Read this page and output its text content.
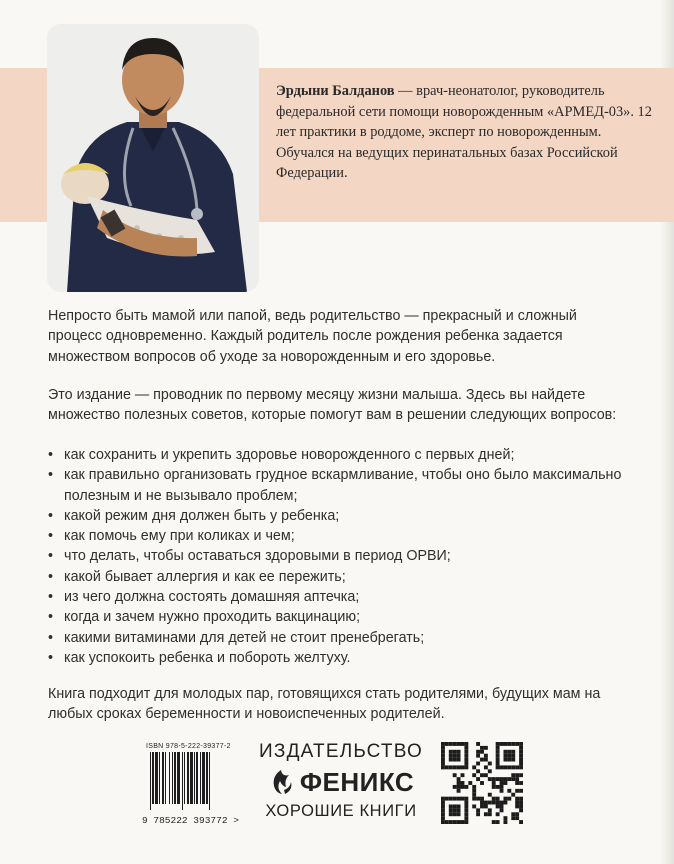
Эрдыни Балданов — врач-неонатолог, руководитель федеральной сети помощи новорожденным «АРМЕД-03». 12 лет практики в роддоме, эксперт по новорожденным. Обучался на ведущих перинатальных базах Российской Федерации.

Непросто быть мамой или папой, ведь родительство — прекрасный и сложный процесс одновременно. Каждый родитель после рождения ребенка задается множеством вопросов об уходе за новорожденным и его здоровье.

Это издание — проводник по первому месяцу жизни малыша. Здесь вы найдете множество полезных советов, которые помогут вам в решении следующих вопросов:

• как сохранить и укрепить здоровье новорожденного с первых дней;
• как правильно организовать грудное вскармливание, чтобы оно было максимально полезным и не вызывало проблем;
• какой режим дня должен быть у ребенка;
• как помочь ему при коликах и чем;
• что делать, чтобы оставаться здоровыми в период ОРВИ;
• какой бывает аллергия и как ее пережить;
• из чего должна состоять домашняя аптечка;
• когда и зачем нужно проходить вакцинацию;
• какими витаминами для детей не стоит пренебрегать;
• как успокоить ребенка и побороть желтуху.

Книга подходит для молодых пар, готовящихся стать родителями, будущих мам на любых сроках беременности и новоиспеченных родителей.

ISBN 978-5-222-39377-2
9 785222 393772 >

ИЗДАТЕЛЬСТВО

ФЕНИКС

ХОРОШИЕ КНИГИ
